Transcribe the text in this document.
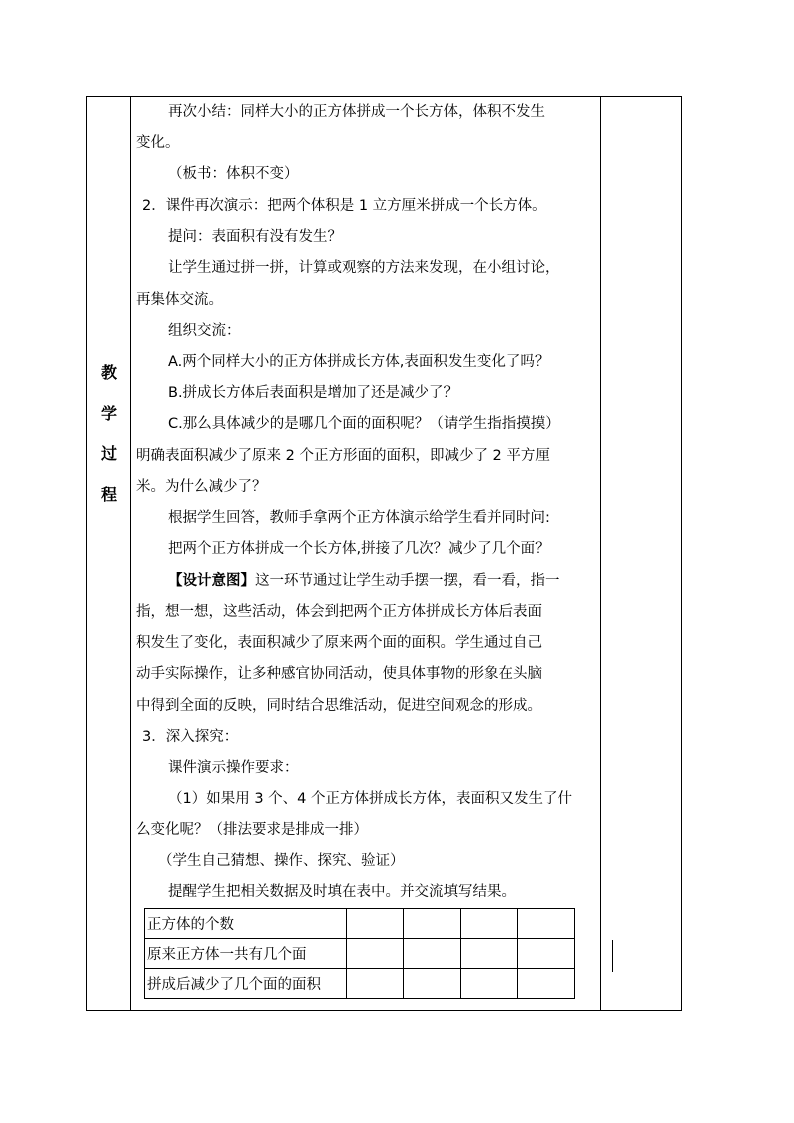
教
学
过
程
再次小结：同样大小的正方体拼成一个长方体，体积不发生
变化。
（板书：体积不变）
2．课件再次演示：把两个体积是 1 立方厘米拼成一个长方体。
提问：表面积有没有发生？
让学生通过拼一拼，计算或观察的方法来发现，在小组讨论，
再集体交流。
组织交流：
A.两个同样大小的正方体拼成长方体,表面积发生变化了吗？
B.拼成长方体后表面积是增加了还是减少了？
C.那么具体减少的是哪几个面的面积呢？（请学生指指摸摸）
明确表面积减少了原来 2 个正方形面的面积，即减少了 2 平方厘
米。为什么减少了？
根据学生回答，教师手拿两个正方体演示给学生看并同时问:
把两个正方体拼成一个长方体,拼接了几次？减少了几个面？
【设计意图】这一环节通过让学生动手摆一摆，看一看，指一
指，想一想，这些活动，体会到把两个正方体拼成长方体后表面
积发生了变化，表面积减少了原来两个面的面积。学生通过自己
动手实际操作，让多种感官协同活动，使具体事物的形象在头脑
中得到全面的反映，同时结合思维活动，促进空间观念的形成。
3．深入探究：
课件演示操作要求：
（1）如果用 3 个、4 个正方体拼成长方体，表面积又发生了什
么变化呢？（排法要求是排成一排）
（学生自己猜想、操作、探究、验证）
提醒学生把相关数据及时填在表中。并交流填写结果。
正方体的个数				
原来正方体一共有几个面				
拼成后减少了几个面的面积				
